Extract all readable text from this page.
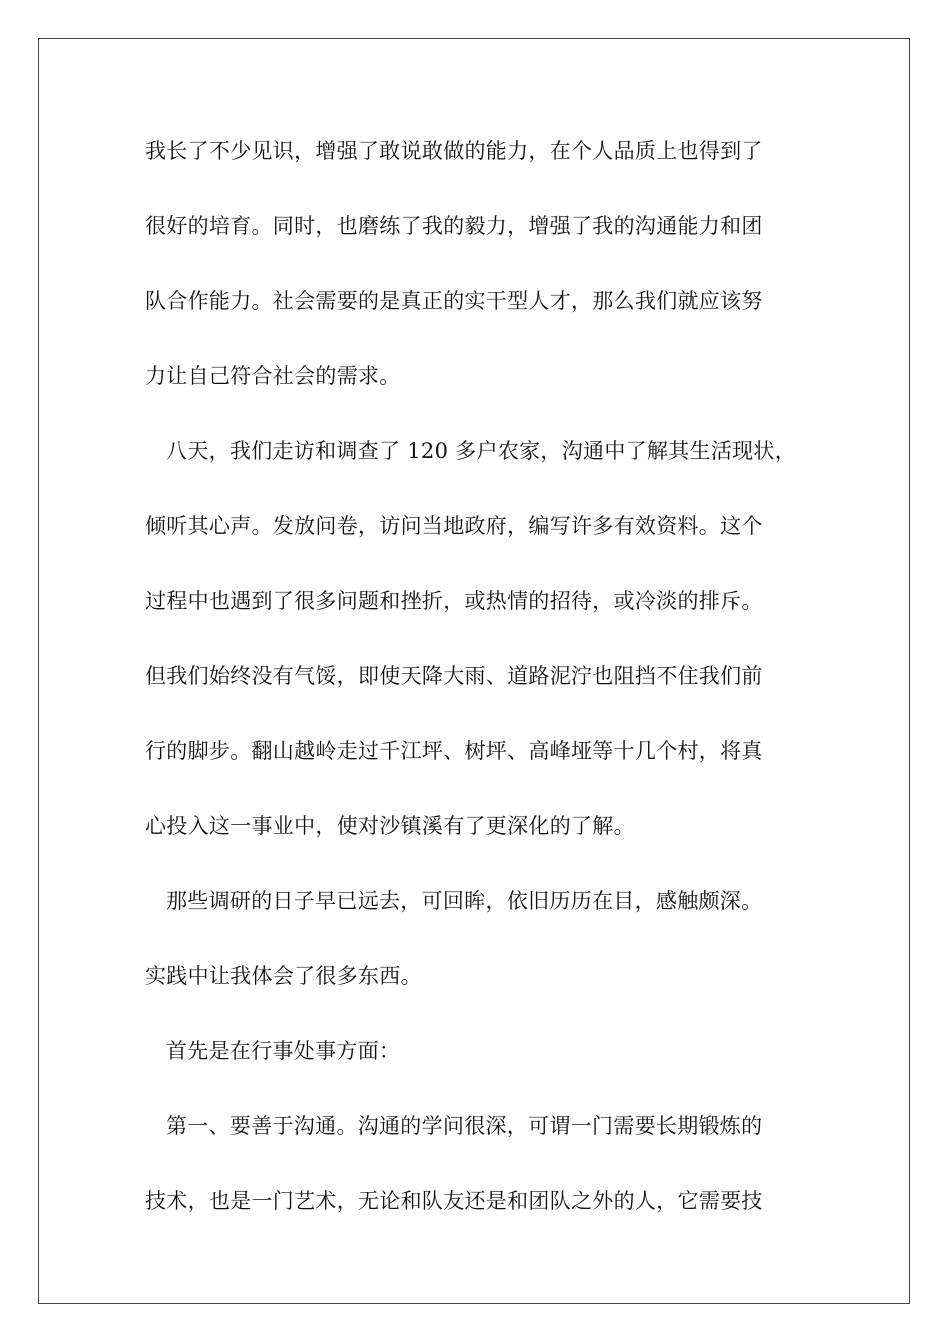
我长了不少见识，增强了敢说敢做的能力，在个人品质上也得到了
很好的培育。同时，也磨练了我的毅力，增强了我的沟通能力和团
队合作能力。社会需要的是真正的实干型人才，那么我们就应该努
力让自己符合社会的需求。
八天，我们走访和调查了 120 多户农家，沟通中了解其生活现状，
倾听其心声。发放问卷，访问当地政府，编写许多有效资料。这个
过程中也遇到了很多问题和挫折，或热情的招待，或冷淡的排斥。
但我们始终没有气馁，即使天降大雨、道路泥泞也阻挡不住我们前
行的脚步。翻山越岭走过千江坪、树坪、高峰垭等十几个村，将真
心投入这一事业中，使对沙镇溪有了更深化的了解。
那些调研的日子早已远去，可回眸，依旧历历在目，感触颇深。
实践中让我体会了很多东西。
首先是在行事处事方面：
第一、要善于沟通。沟通的学问很深，可谓一门需要长期锻炼的
技术，也是一门艺术，无论和队友还是和团队之外的人，它需要技
